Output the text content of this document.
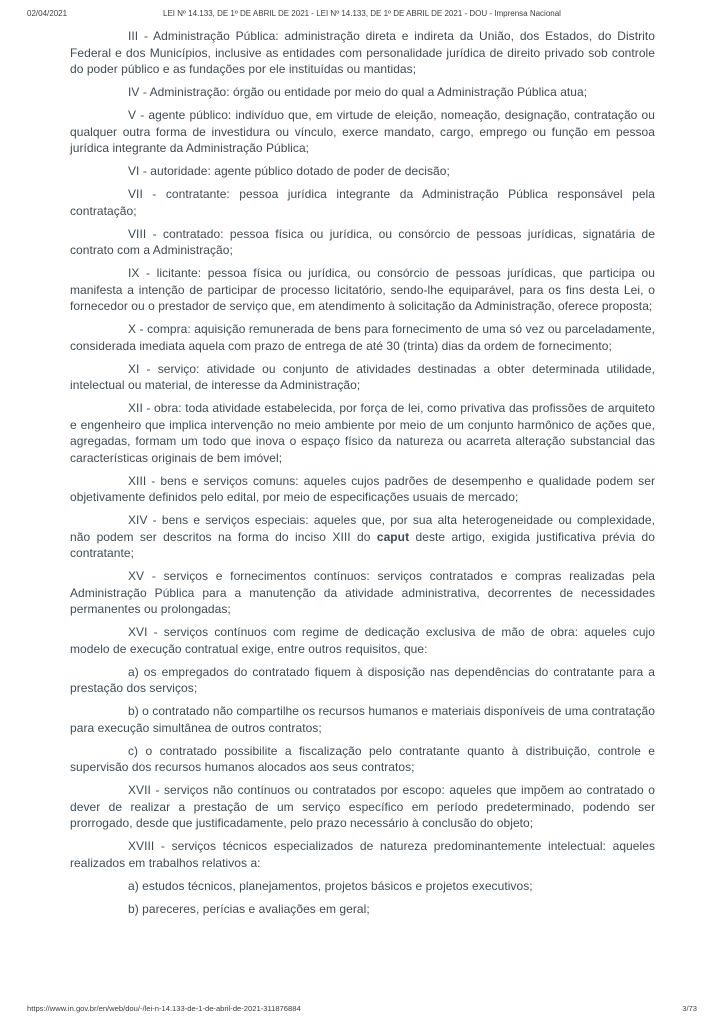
02/04/2021	LEI Nº 14.133, DE 1º DE ABRIL DE 2021 - LEI Nº 14.133, DE 1º DE ABRIL DE 2021 - DOU - Imprensa Nacional

III - Administração Pública: administração direta e indireta da União, dos Estados, do Distrito Federal e dos Municípios, inclusive as entidades com personalidade jurídica de direito privado sob controle do poder público e as fundações por ele instituídas ou mantidas;

IV - Administração: órgão ou entidade por meio do qual a Administração Pública atua;

V - agente público: indivíduo que, em virtude de eleição, nomeação, designação, contratação ou qualquer outra forma de investidura ou vínculo, exerce mandato, cargo, emprego ou função em pessoa jurídica integrante da Administração Pública;

VI - autoridade: agente público dotado de poder de decisão;

VII - contratante: pessoa jurídica integrante da Administração Pública responsável pela contratação;

VIII - contratado: pessoa física ou jurídica, ou consórcio de pessoas jurídicas, signatária de contrato com a Administração;

IX - licitante: pessoa física ou jurídica, ou consórcio de pessoas jurídicas, que participa ou manifesta a intenção de participar de processo licitatório, sendo-lhe equiparável, para os fins desta Lei, o fornecedor ou o prestador de serviço que, em atendimento à solicitação da Administração, oferece proposta;

X - compra: aquisição remunerada de bens para fornecimento de uma só vez ou parceladamente, considerada imediata aquela com prazo de entrega de até 30 (trinta) dias da ordem de fornecimento;

XI - serviço: atividade ou conjunto de atividades destinadas a obter determinada utilidade, intelectual ou material, de interesse da Administração;

XII - obra: toda atividade estabelecida, por força de lei, como privativa das profissões de arquiteto e engenheiro que implica intervenção no meio ambiente por meio de um conjunto harmônico de ações que, agregadas, formam um todo que inova o espaço físico da natureza ou acarreta alteração substancial das características originais de bem imóvel;

XIII - bens e serviços comuns: aqueles cujos padrões de desempenho e qualidade podem ser objetivamente definidos pelo edital, por meio de especificações usuais de mercado;

XIV - bens e serviços especiais: aqueles que, por sua alta heterogeneidade ou complexidade, não podem ser descritos na forma do inciso XIII do caput deste artigo, exigida justificativa prévia do contratante;

XV - serviços e fornecimentos contínuos: serviços contratados e compras realizadas pela Administração Pública para a manutenção da atividade administrativa, decorrentes de necessidades permanentes ou prolongadas;

XVI - serviços contínuos com regime de dedicação exclusiva de mão de obra: aqueles cujo modelo de execução contratual exige, entre outros requisitos, que:

a) os empregados do contratado fiquem à disposição nas dependências do contratante para a prestação dos serviços;

b) o contratado não compartilhe os recursos humanos e materiais disponíveis de uma contratação para execução simultânea de outros contratos;

c) o contratado possibilite a fiscalização pelo contratante quanto à distribuição, controle e supervisão dos recursos humanos alocados aos seus contratos;

XVII - serviços não contínuos ou contratados por escopo: aqueles que impõem ao contratado o dever de realizar a prestação de um serviço específico em período predeterminado, podendo ser prorrogado, desde que justificadamente, pelo prazo necessário à conclusão do objeto;

XVIII - serviços técnicos especializados de natureza predominantemente intelectual: aqueles realizados em trabalhos relativos a:

a) estudos técnicos, planejamentos, projetos básicos e projetos executivos;

b) pareceres, perícias e avaliações em geral;

https://www.in.gov.br/en/web/dou/-/lei-n-14.133-de-1-de-abril-de-2021-311876884	3/73
